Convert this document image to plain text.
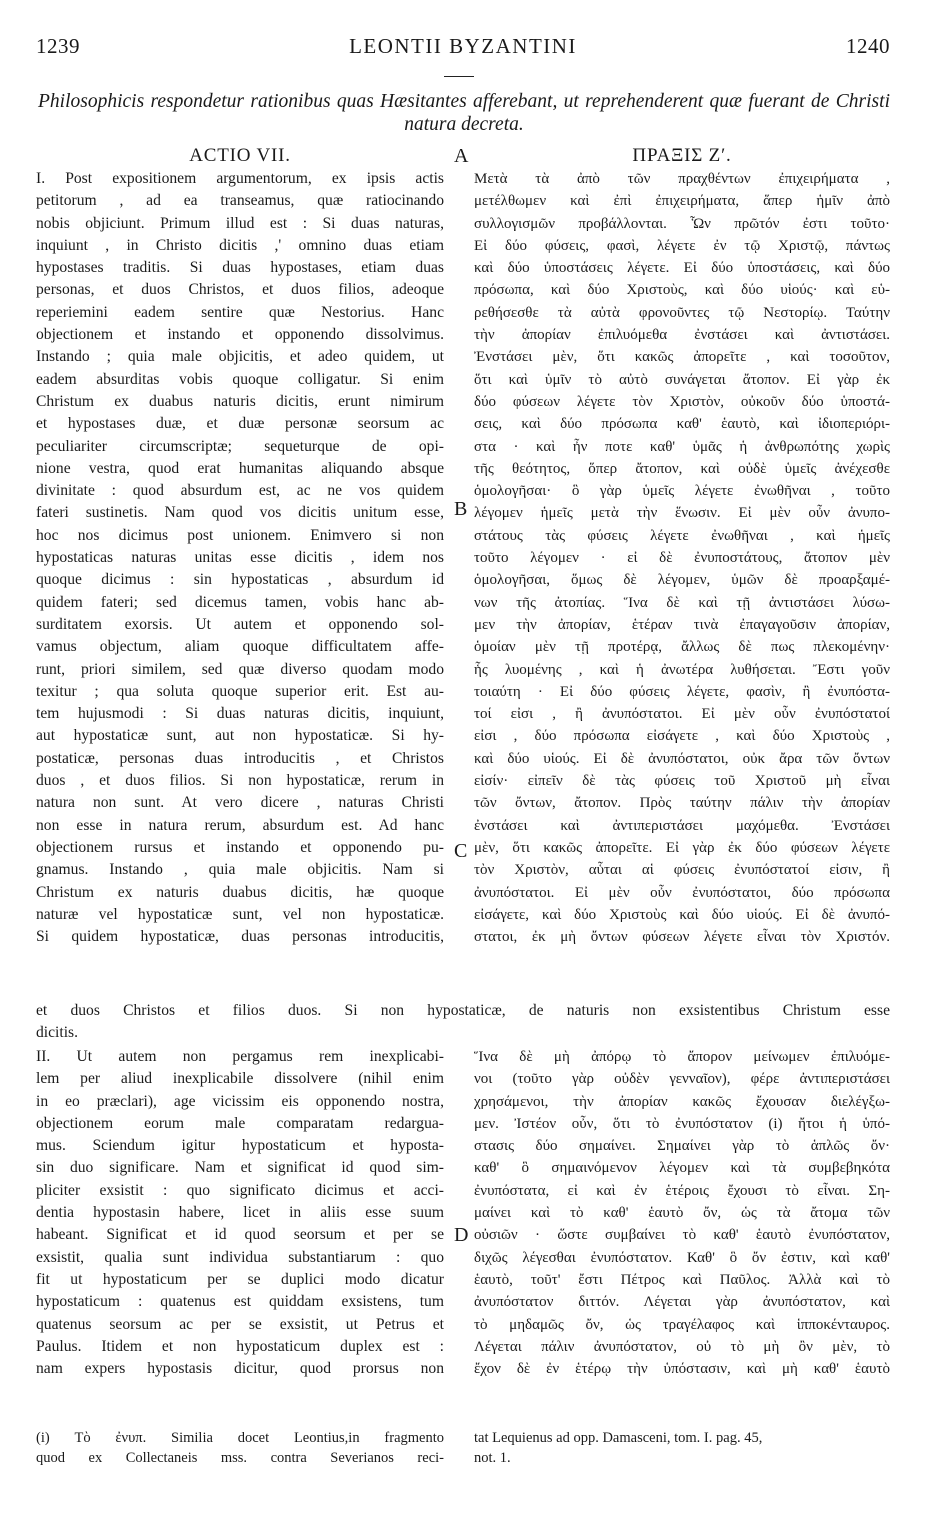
1239	LEONTII BYZANTINI	1240
Philosophicis respondetur rationibus quas Hæsitantes afferebant, ut reprehenderent quæ fuerant de Christi natura decreta.
ACTIO VII.	ΠΡΑΞΙΣ Ζʹ.
A
B
C
D
I. Post expositionem argumentorum, ex ipsis actis
petitorum , ad ea transeamus, quæ ratiocinando
nobis objiciunt. Primum illud est : Si duas naturas,
inquiunt , in Christo dicitis ,' omnino duas etiam
hypostases traditis. Si duas hypostases, etiam duas
personas, et duos Christos, et duos filios, adeoque
reperiemini eadem sentire quæ Nestorius. Hanc
objectionem et instando et opponendo dissolvimus.
Instando ; quia male objicitis, et adeo quidem, ut
eadem absurditas vobis quoque colligatur. Si enim
Christum ex duabus naturis dicitis, erunt nimirum
et hypostases duæ, et duæ personæ seorsum ac
peculiariter circumscriptæ; sequeturque de opi-
nione vestra, quod erat humanitas aliquando absque
divinitate : quod absurdum est, ac ne vos quidem
fateri sustinetis. Nam quod vos dicitis unitum esse,
hoc nos dicimus post unionem. Enimvero si non
hypostaticas naturas unitas esse dicitis , idem nos
quoque dicimus : sin hypostaticas , absurdum id
quidem fateri; sed dicemus tamen, vobis hanc ab-
surditatem exorsis. Ut autem et opponendo sol-
vamus objectum, aliam quoque difficultatem affe-
runt, priori similem, sed quæ diverso quodam modo
texitur ; qua soluta quoque superior erit. Est au-
tem hujusmodi : Si duas naturas dicitis, inquiunt,
aut hypostaticæ sunt, aut non hypostaticæ. Si hy-
postaticæ, personas duas introducitis , et Christos
duos , et duos filios. Si non hypostaticæ, rerum in
natura non sunt. At vero dicere , naturas Christi
non esse in natura rerum, absurdum est. Ad hanc
objectionem rursus et instando et opponendo pu-
gnamus. Instando , quia male objicitis. Nam si
Christum ex naturis duabus dicitis, hæ quoque
naturæ vel hypostaticæ sunt, vel non hypostaticæ.
Si quidem hypostaticæ, duas personas introducitis,
Μετὰ τὰ ἀπὸ τῶν πραχθέντων ἐπιχειρήματα ,
μετέλθωμεν καὶ ἐπὶ ἐπιχειρήματα, ἅπερ ἡμῖν ἀπὸ
συλλογισμῶν προβάλλονται. Ὧν πρῶτόν ἐστι τοῦτο·
Εἰ δύο φύσεις, φασὶ, λέγετε ἐν τῷ Χριστῷ, πάντως
καὶ δύο ὑποστάσεις λέγετε. Εἰ δύο ὑποστάσεις, καὶ δύο
πρόσωπα, καὶ δύο Χριστοὺς, καὶ δύο υἱούς· καὶ εὑ-
ρεθήσεσθε τὰ αὐτὰ φρονοῦντες τῷ Νεστορίῳ. Ταύτην
τὴν ἀπορίαν ἐπιλυόμεθα ἐνστάσει καὶ ἀντιστάσει.
Ἐνστάσει μὲν, ὅτι κακῶς ἀπορεῖτε , καὶ τοσοῦτον,
ὅτι καὶ ὑμῖν τὸ αὐτὸ συνάγεται ἄτοπον. Εἰ γὰρ ἐκ
δύο φύσεων λέγετε τὸν Χριστὸν, οὐκοῦν δύο ὑποστά-
σεις, καὶ δύο πρόσωπα καθ' ἑαυτὸ, καὶ ἰδιοπεριόρι-
στα · καὶ ἦν ποτε καθ' ὑμᾶς ἡ ἀνθρωπότης χωρὶς
τῆς θεότητος, ὅπερ ἄτοπον, καὶ οὐδὲ ὑμεῖς ἀνέχεσθε
ὁμολογῆσαι· ὃ γὰρ ὑμεῖς λέγετε ἐνωθῆναι , τοῦτο
λέγομεν ἡμεῖς μετὰ τὴν ἕνωσιν. Εἰ μὲν οὖν ἀνυπο-
στάτους τὰς φύσεις λέγετε ἐνωθῆναι , καὶ ἡμεῖς
τοῦτο λέγομεν · εἰ δὲ ἐνυποστάτους, ἄτοπον μὲν
ὁμολογῆσαι, ὅμως δὲ λέγομεν, ὑμῶν δὲ προαρξαμέ-
νων τῆς ἀτοπίας. Ἵνα δὲ καὶ τῇ ἀντιστάσει λύσω-
μεν τὴν ἀπορίαν, ἑτέραν τινὰ ἐπαγαγοῦσιν ἀπορίαν,
ὁμοίαν μὲν τῇ προτέρᾳ, ἄλλως δὲ πως πλεκομένην·
ἧς λυομένης , καὶ ἡ ἀνωτέρα λυθήσεται. Ἔστι γοῦν
τοιαύτη · Εἰ δύο φύσεις λέγετε, φασὶν, ἢ ἐνυπόστα-
τοί εἰσι , ἢ ἀνυπόστατοι. Εἰ μὲν οὖν ἐνυπόστατοί
εἰσι , δύο πρόσωπα εἰσάγετε , καὶ δύο Χριστοὺς ,
καὶ δύο υἱούς. Εἰ δὲ ἀνυπόστατοι, οὐκ ἄρα τῶν ὄντων
εἰσίν· εἰπεῖν δὲ τὰς φύσεις τοῦ Χριστοῦ μὴ εἶναι
τῶν ὄντων, ἄτοπον. Πρὸς ταύτην πάλιν τὴν ἀπορίαν
ἐνστάσει καὶ ἀντιπεριστάσει μαχόμεθα. Ἐνστάσει
μὲν, ὅτι κακῶς ἀπορεῖτε. Εἰ γὰρ ἐκ δύο φύσεων λέγετε
τὸν Χριστὸν, αὗται αἱ φύσεις ἐνυπόστατοί εἰσιν, ἢ
ἀνυπόστατοι. Εἰ μὲν οὖν ἐνυπόστατοι, δύο πρόσωπα
εἰσάγετε, καὶ δύο Χριστοὺς καὶ δύο υἱούς. Εἰ δὲ ἀνυπό-
στατοι, ἐκ μὴ ὄντων φύσεων λέγετε εἶναι τὸν Χριστόν.
et duos Christos et filios duos. Si non hypostaticæ, de naturis non exsistentibus Christum esse
dicitis.
II. Ut autem non pergamus rem inexplicabi-
lem per aliud inexplicabile dissolvere (nihil enim
in eo præclari), age vicissim eis opponendo nostra,
objectionem eorum male comparatam redargua-
mus. Sciendum igitur hypostaticum et hyposta-
sin duo significare. Nam et significat id quod sim-
pliciter exsistit : quo significato dicimus et acci-
dentia hypostasin habere, licet in aliis esse suum
habeant. Significat et id quod seorsum et per se
exsistit, qualia sunt individua substantiarum : quo
fit ut hypostaticum per se duplici modo dicatur
hypostaticum : quatenus est quiddam exsistens, tum
quatenus seorsum ac per se exsistit, ut Petrus et
Paulus. Itidem et non hypostaticum duplex est :
nam expers hypostasis dicitur, quod prorsus non
Ἵνα δὲ μὴ ἀπόρῳ τὸ ἄπορον μείνωμεν ἐπιλυόμε-
νοι (τοῦτο γὰρ οὐδὲν γενναῖον), φέρε ἀντιπεριστάσει
χρησάμενοι, τὴν ἀπορίαν κακῶς ἔχουσαν διελέγξω-
μεν. Ἰστέον οὖν, ὅτι τὸ ἐνυπόστατον (i) ἤτοι ἡ ὑπό-
στασις δύο σημαίνει. Σημαίνει γὰρ τὸ ἁπλῶς ὄν·
καθ' ὃ σημαινόμενον λέγομεν καὶ τὰ συμβεβηκότα
ἐνυπόστατα, εἰ καὶ ἐν ἑτέροις ἔχουσι τὸ εἶναι. Ση-
μαίνει καὶ τὸ καθ' ἑαυτὸ ὄν, ὡς τὰ ἄτομα τῶν
οὐσιῶν · ὥστε συμβαίνει τὸ καθ' ἑαυτὸ ἐνυπόστατον,
διχῶς λέγεσθαι ἐνυπόστατον. Καθ' ὃ ὄν ἐστιν, καὶ καθ'
ἑαυτὸ, τοῦτ' ἔστι Πέτρος καὶ Παῦλος. Ἀλλὰ καὶ τὸ
ἀνυπόστατον διττόν. Λέγεται γὰρ ἀνυπόστατον, καὶ
τὸ μηδαμῶς ὄν, ὡς τραγέλαφος καὶ ἱπποκένταυρος.
Λέγεται πάλιν ἀνυπόστατον, οὐ τὸ μὴ ὂν μὲν, τὸ
ἔχον δὲ ἐν ἑτέρῳ τὴν ὑπόστασιν, καὶ μὴ καθ' ἑαυτὸ
(i) Τὸ ἐνυπ. Similia docet Leontius,in fragmento
quod ex Collectaneis mss. contra Severianos reci-
tat Lequienus ad opp. Damasceni, tom. I. pag. 45,
not. 1.
